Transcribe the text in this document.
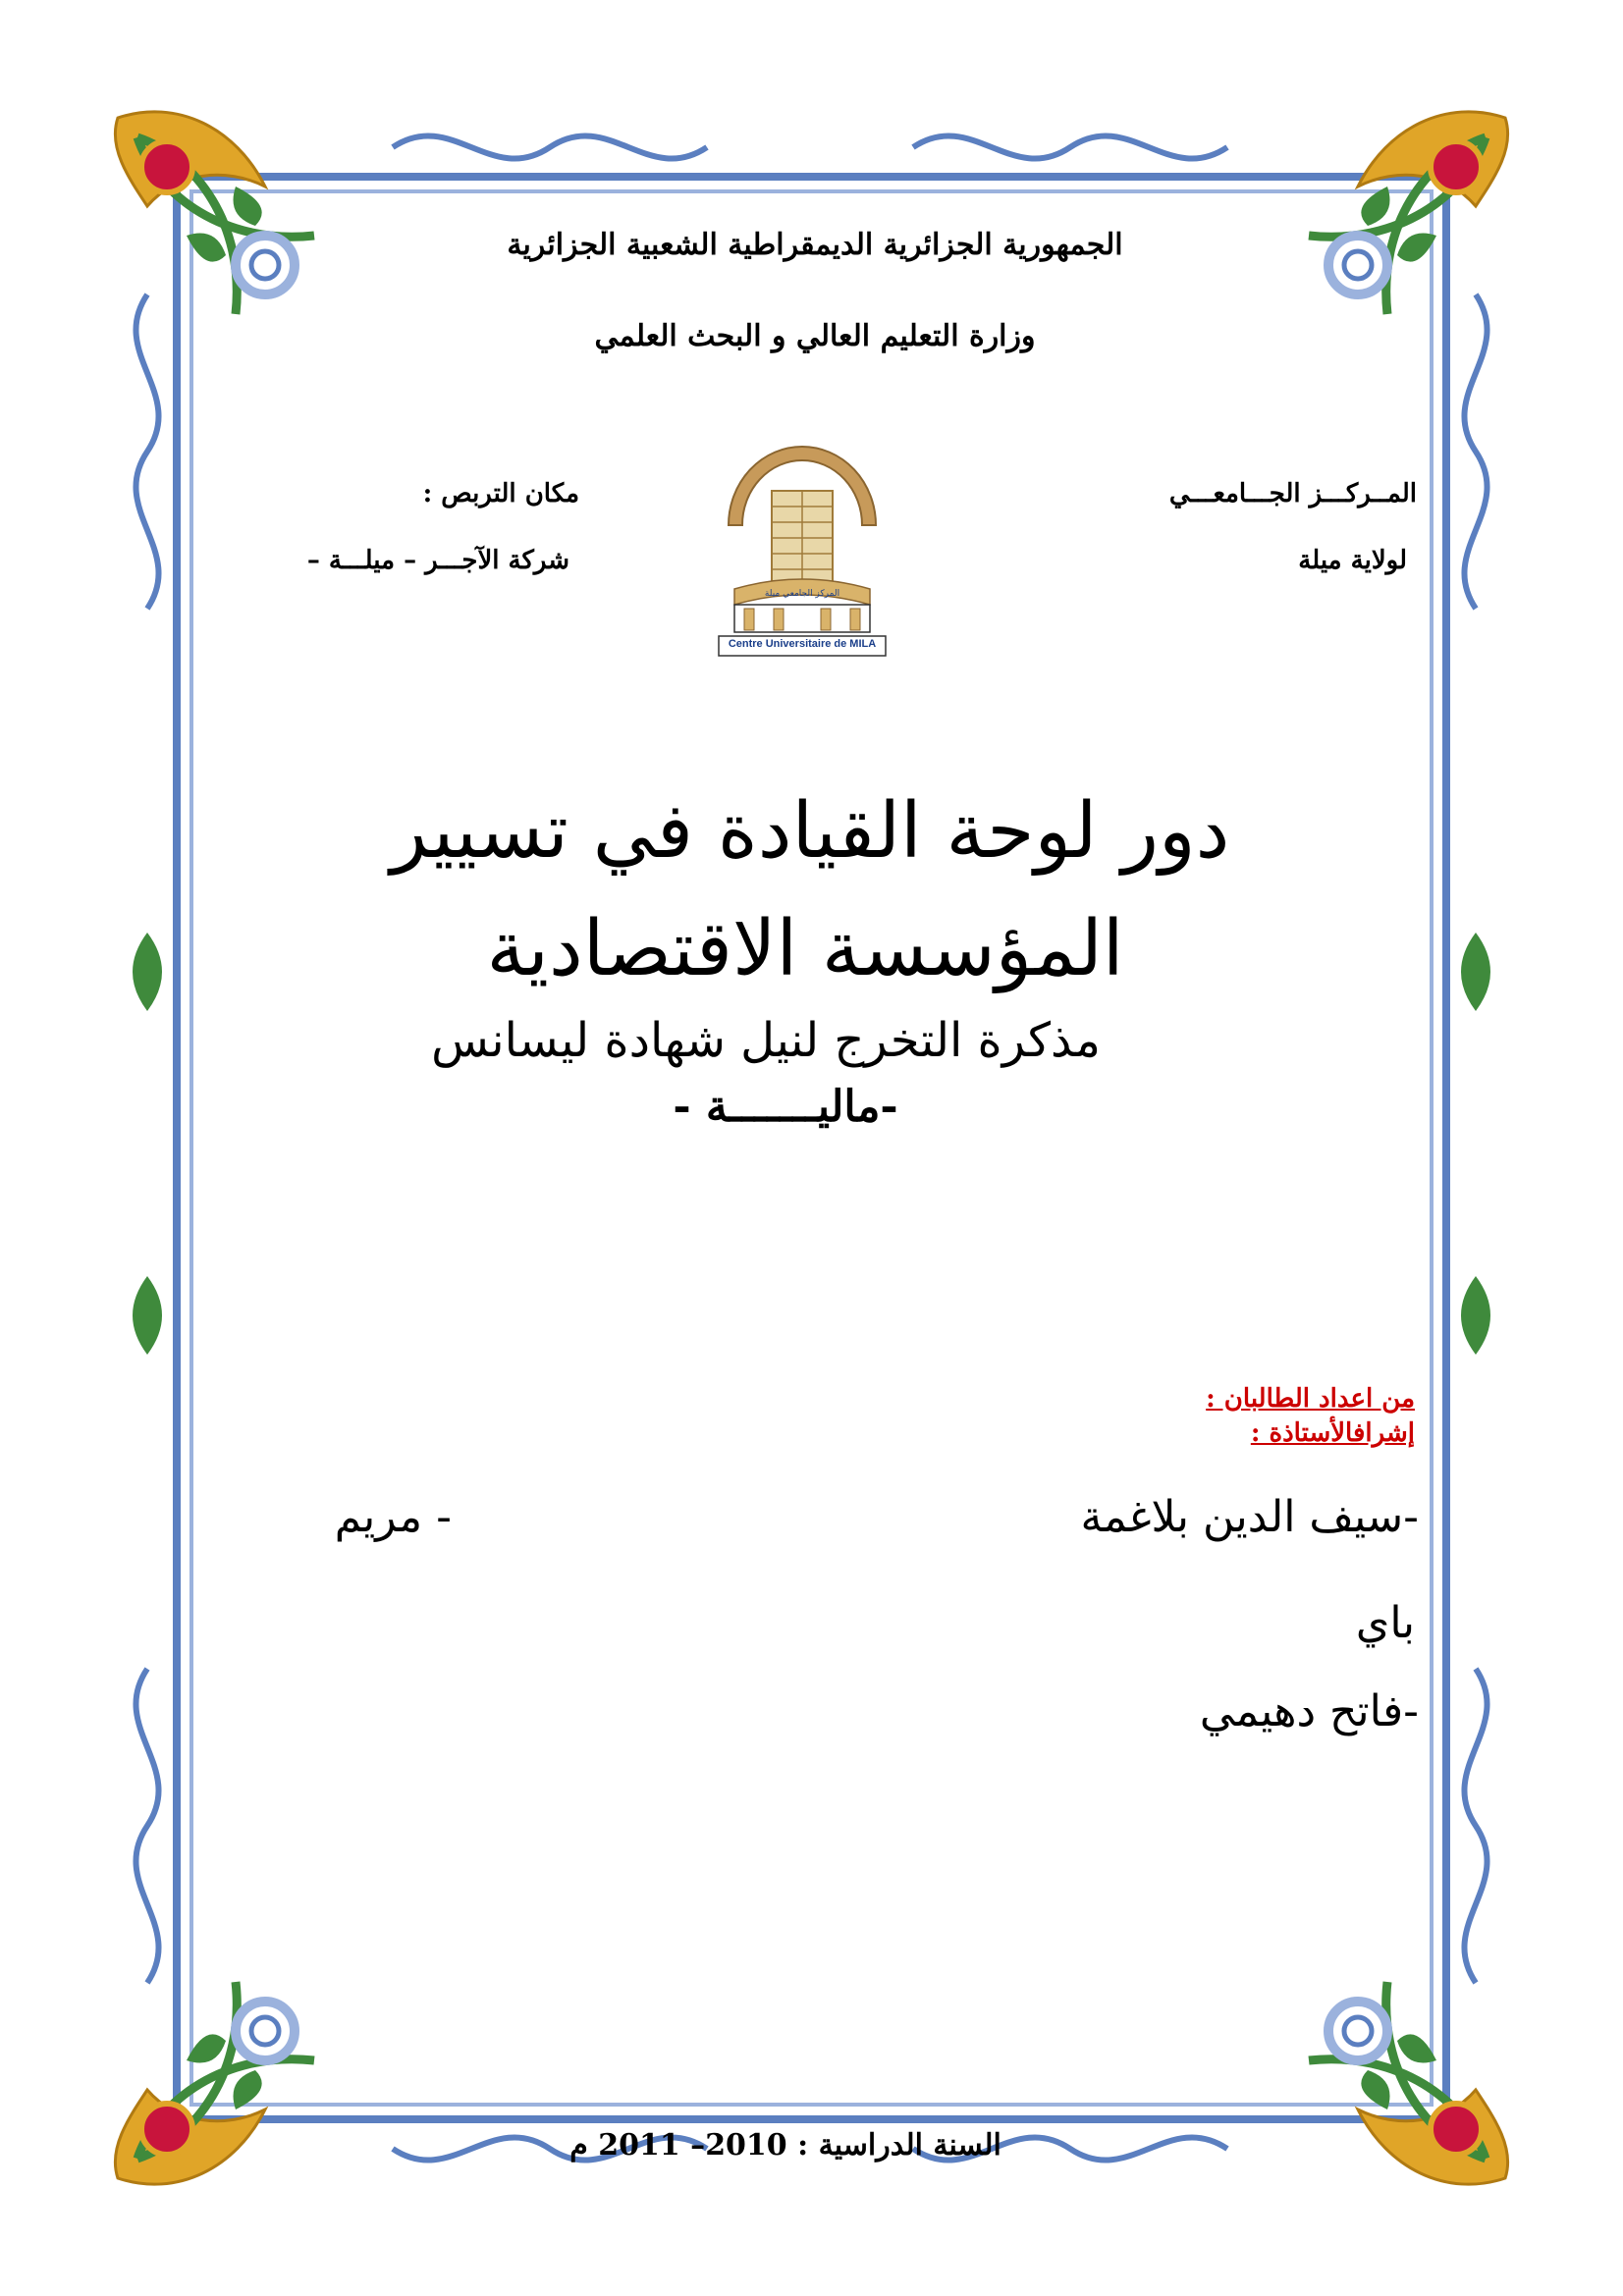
الجمهورية الجزائرية الديمقراطية الشعبية الجزائرية
وزارة التعليم العالي و البحث العلمي
المــركـــز الجـــامعـــي
لولاية ميلة
مكان التربص :
شركة الآجـــر – ميلـــة –
Centre Universitaire de MILA
المركز الجامعي ميلة
دور لوحة القيادة في تسيير
المؤسسة الاقتصادية
مذكرة التخرج لنيل شهادة ليسانس
-ماليـــــــة -
من اعداد الطالبان :
إشرافالأستاذة :
-سيف الدين بلاغمة
- مريم
باي
-فاتح دهيمي
السنة الدراسية : 2010– 2011 م
